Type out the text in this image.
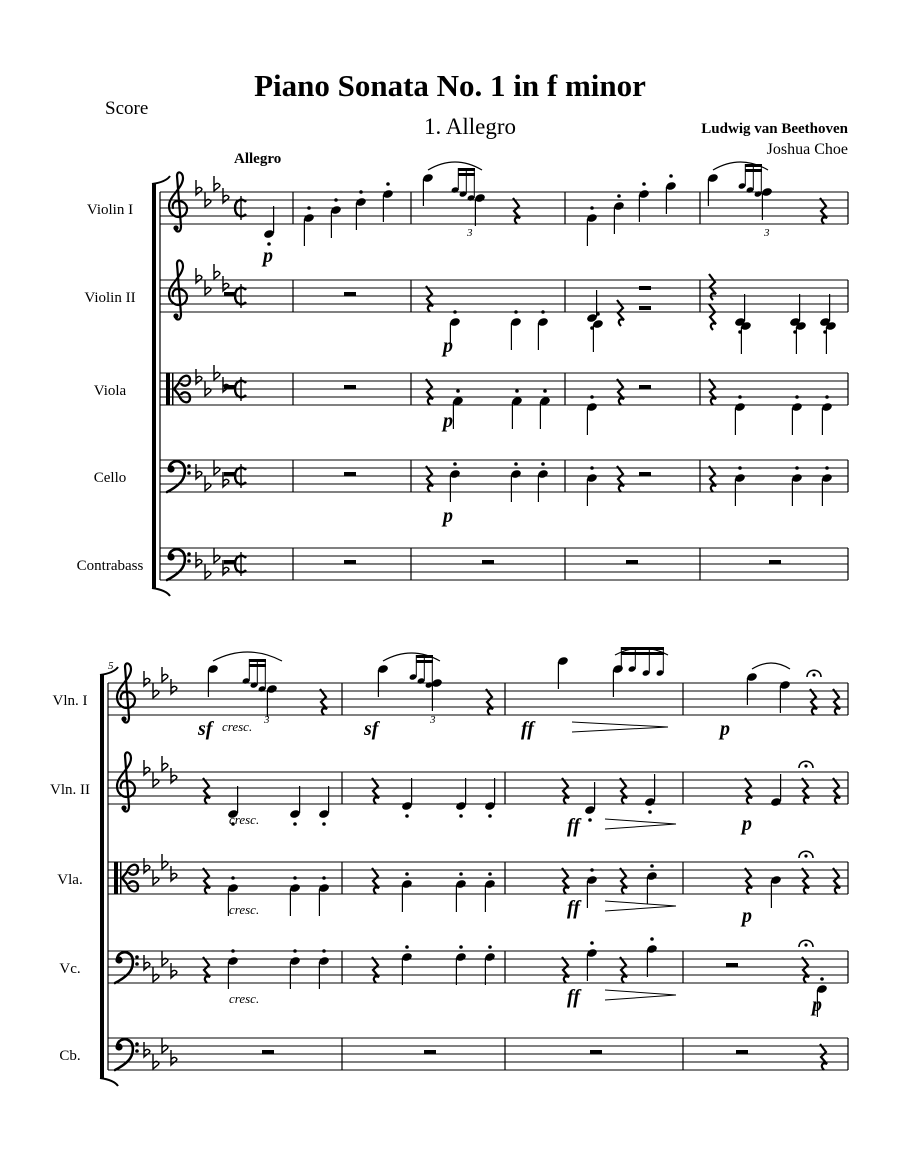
Piano Sonata No. 1 in f minor
1. Allegro
Score
Ludwig van Beethoven
Joshua Choe
Allegro
Violin I
Violin II
Viola
Cello
Contrabass
p
3	3
p
p
p
Vln. I
Vln. II
Vla.
Vc.
Cb.
5
sf cresc. 3	sf	3	ff	p
cresc.	ff	p
cresc.	ff	p
cresc.	ff	p
